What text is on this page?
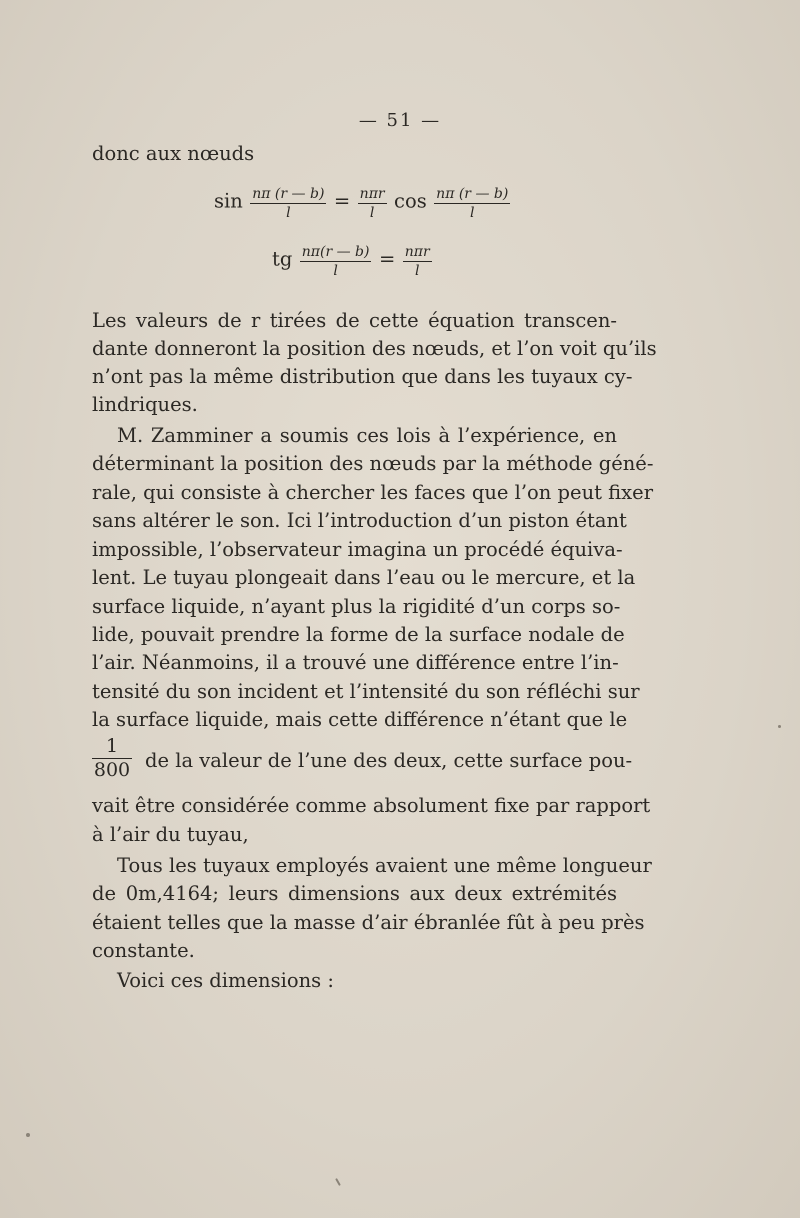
— 51 —
donc aux nœuds
$\sin \frac{n\pi (r — b)}{l} = \frac{\text{nπr}}{l}$ $\cos \frac{n\pi (r — b)}{l}$
tg $\frac{n\pi(r — b)}{l} = \frac{\text{nπr}}{l}$
Les valeurs de r tirées de cette équation transcen-
dante donneront la position des nœuds, et l’on voit qu’ils
n’ont pas la même distribution que dans les tuyaux cy-
lindriques.
M. Zamminer a soumis ces lois à l’expérience, en
déterminant la position des nœuds par la méthode géné-
rale, qui consiste à chercher les faces que l’on peut fixer
sans altérer le son. Ici l’introduction d’un piston étant
impossible, l’observateur imagina un procédé équiva-
lent. Le tuyau plongeait dans l’eau ou le mercure, et la
surface liquide, n’ayant plus la rigidité d’un corps so-
lide, pouvait prendre la forme de la surface nodale de
l’air. Néanmoins, il a trouvé une différence entre l’in-
tensité du son incident et l’intensité du son réfléchi sur
la surface liquide, mais cette différence n’étant que le
$\frac{1}{800}$ de la valeur de l’une des deux, cette surface pou-
vait être considérée comme absolument fixe par rapport
à l’air du tuyau,
Tous les tuyaux employés avaient une même longueur
de 0m,4164; leurs dimensions aux deux extrémités
étaient telles que la masse d’air ébranlée fût à peu près
constante.
Voici ces dimensions :
